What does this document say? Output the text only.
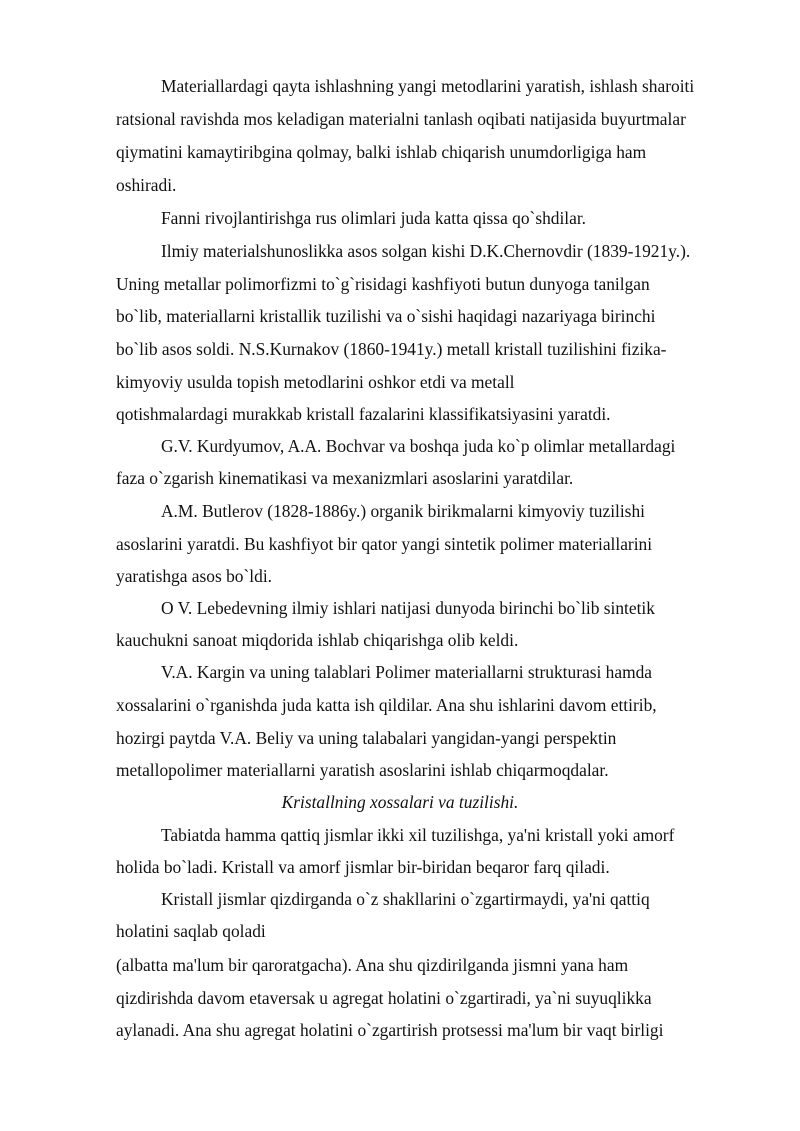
Materiallardagi qayta ishlashning yangi metodlarini yaratish, ishlash sharoiti

ratsional ravishda mos keladigan materialni tanlash oqibati natijasida buyurtmalar

qiymatini kamaytiribgina qolmay, balki ishlab chiqarish unumdorligiga ham

oshiradi.

Fanni rivojlantirishga rus olimlari juda katta qissa qo`shdilar.

Ilmiy materialshunoslikka asos solgan kishi D.K.Chernovdir (1839-1921y.).

Uning metallar polimorfizmi to`g`risidagi kashfiyoti butun dunyoga tanilgan

bo`lib, materiallarni kristallik tuzilishi va o`sishi haqidagi nazariyaga birinchi

bo`lib asos soldi. N.S.Kurnakov (1860-1941y.) metall kristall tuzilishini fizika-

kimyoviy usulda topish metodlarini oshkor etdi va metall

qotishmalardagi murakkab kristall fazalarini klassifikatsiyasini yaratdi.

G.V. Kurdyumov, A.A. Bochvar va boshqa juda ko`p olimlar metallardagi

faza o`zgarish kinematikasi va mexanizmlari asoslarini yaratdilar.

A.M. Butlerov (1828-1886y.) organik birikmalarni kimyoviy tuzilishi

asoslarini yaratdi. Bu kashfiyot bir qator yangi sintetik polimer materiallarini

yaratishga asos bo`ldi.

O V. Lebedevning ilmiy ishlari natijasi dunyoda birinchi bo`lib sintetik

kauchukni sanoat miqdorida ishlab chiqarishga olib keldi.

V.A. Kargin va uning talablari Polimer materiallarni strukturasi hamda

xossalarini o`rganishda juda katta ish qildilar. Ana shu ishlarini davom ettirib,

hozirgi paytda V.A. Beliy va uning talabalari yangidan-yangi perspektin

metallopolimer materiallarni yaratish asoslarini ishlab chiqarmoqdalar.

Kristallning xossalari va tuzilishi.

Tabiatda hamma qattiq jismlar ikki xil tuzilishga, ya'ni kristall yoki amorf

holida bo`ladi. Kristall va amorf jismlar bir-biridan beqaror farq qiladi.

Kristall jismlar qizdirganda o`z shakllarini o`zgartirmaydi, ya'ni qattiq

holatini saqlab qoladi

(albatta ma'lum bir qaroratgacha). Ana shu qizdirilganda jismni yana ham

qizdirishda davom etaversak u agregat holatini o`zgartiradi, ya`ni suyuqlikka

aylanadi. Ana shu agregat holatini o`zgartirish protsessi ma'lum bir vaqt birligi
